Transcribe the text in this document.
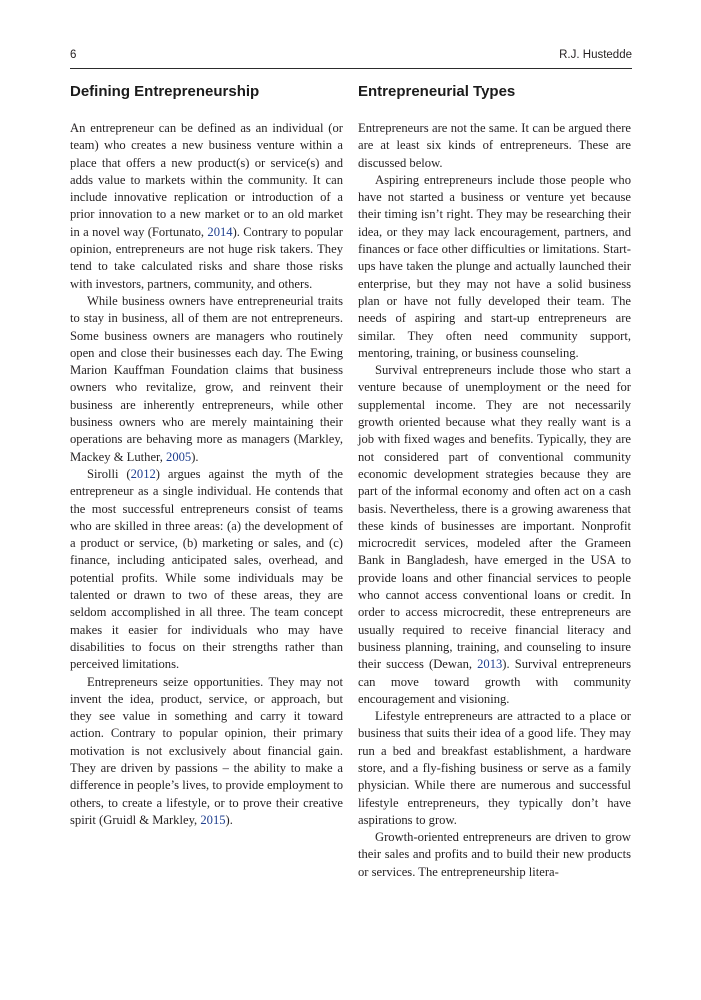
6	R.J. Hustedde
Defining Entrepreneurship

An entrepreneur can be defined as an individual (or team) who creates a new business venture within a place that offers a new product(s) or service(s) and adds value to markets within the community. It can include innovative replication or introduction of a prior innovation to a new market or to an old market in a novel way (Fortunato, 2014). Contrary to popular opinion, entrepreneurs are not huge risk takers. They tend to take calculated risks and share those risks with investors, partners, community, and others.

While business owners have entrepreneurial traits to stay in business, all of them are not entrepreneurs. Some business owners are managers who routinely open and close their businesses each day. The Ewing Marion Kauffman Foundation claims that business owners who revitalize, grow, and reinvent their business are inherently entrepreneurs, while other business owners who are merely maintaining their operations are behaving more as managers (Markley, Mackey & Luther, 2005).

Sirolli (2012) argues against the myth of the entrepreneur as a single individual. He contends that the most successful entrepreneurs consist of teams who are skilled in three areas: (a) the development of a product or service, (b) marketing or sales, and (c) finance, including anticipated sales, overhead, and potential profits. While some individuals may be talented or drawn to two of these areas, they are seldom accomplished in all three. The team concept makes it easier for individuals who may have disabilities to focus on their strengths rather than perceived limitations.

Entrepreneurs seize opportunities. They may not invent the idea, product, service, or approach, but they see value in something and carry it toward action. Contrary to popular opinion, their primary motivation is not exclusively about financial gain. They are driven by passions – the ability to make a difference in people’s lives, to provide employment to others, to create a lifestyle, or to prove their creative spirit (Gruidl & Markley, 2015).

Entrepreneurial Types

Entrepreneurs are not the same. It can be argued there are at least six kinds of entrepreneurs. These are discussed below.

Aspiring entrepreneurs include those people who have not started a business or venture yet because their timing isn’t right. They may be researching their idea, or they may lack encouragement, partners, and finances or face other difficulties or limitations. Start-ups have taken the plunge and actually launched their enterprise, but they may not have a solid business plan or have not fully developed their team. The needs of aspiring and start-up entrepreneurs are similar. They often need community support, mentoring, training, or business counseling.

Survival entrepreneurs include those who start a venture because of unemployment or the need for supplemental income. They are not necessarily growth oriented because what they really want is a job with fixed wages and benefits. Typically, they are not considered part of conventional community economic development strategies because they are part of the informal economy and often act on a cash basis. Nevertheless, there is a growing awareness that these kinds of businesses are important. Nonprofit microcredit services, modeled after the Grameen Bank in Bangladesh, have emerged in the USA to provide loans and other financial services to people who cannot access conventional loans or credit. In order to access microcredit, these entrepreneurs are usually required to receive financial literacy and business planning, training, and counseling to insure their success (Dewan, 2013). Survival entrepreneurs can move toward growth with community encouragement and visioning.

Lifestyle entrepreneurs are attracted to a place or business that suits their idea of a good life. They may run a bed and breakfast establishment, a hardware store, and a fly-fishing business or serve as a family physician. While there are numerous and successful lifestyle entrepreneurs, they typically don’t have aspirations to grow.

Growth-oriented entrepreneurs are driven to grow their sales and profits and to build their new products or services. The entrepreneurship litera-
